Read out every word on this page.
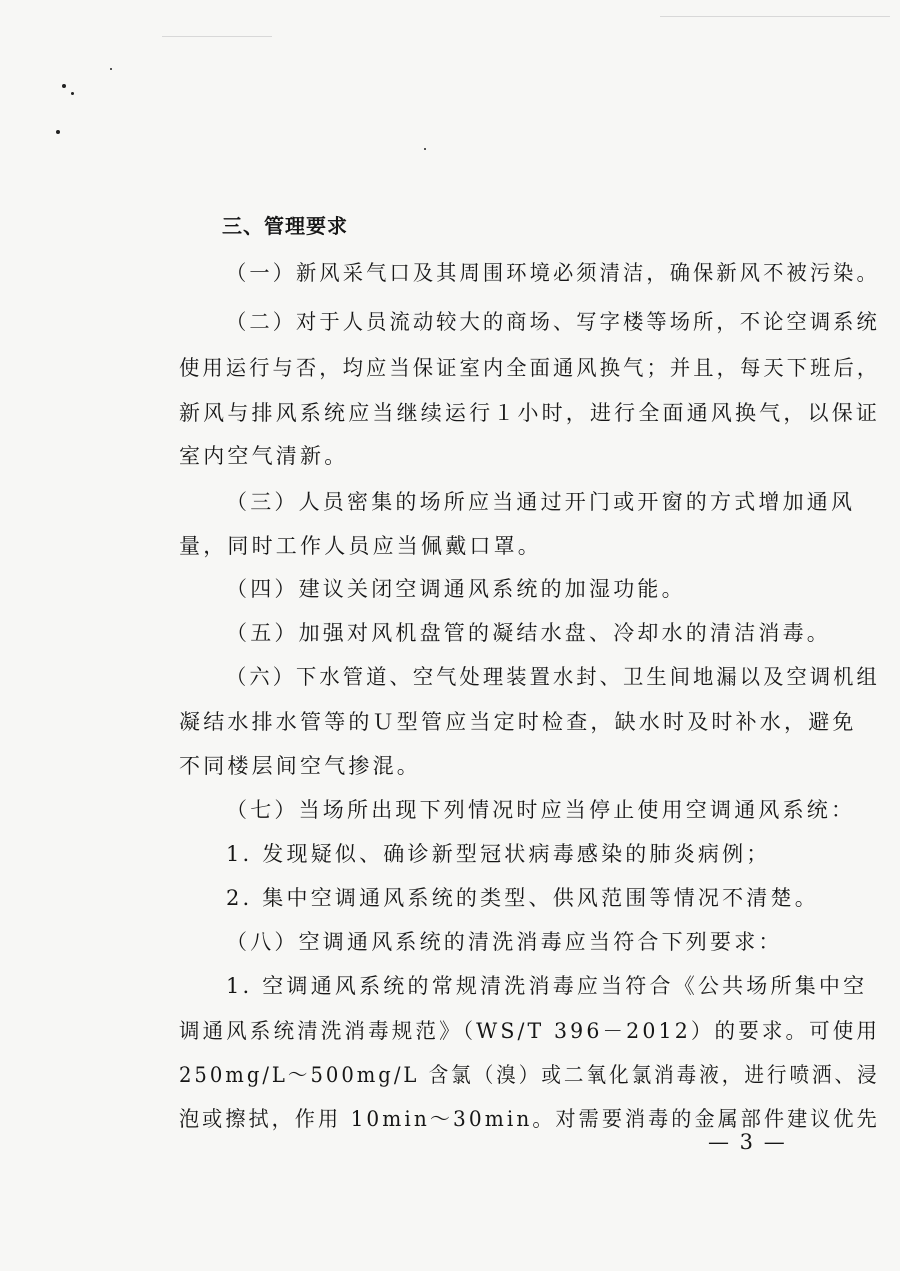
三、管理要求

（一）新风采气口及其周围环境必须清洁，确保新风不被污染。

（二）对于人员流动较大的商场、写字楼等场所，不论空调系统

使用运行与否，均应当保证室内全面通风换气；并且，每天下班后，

新风与排风系统应当继续运行１小时，进行全面通风换气，以保证

室内空气清新。

（三）人员密集的场所应当通过开门或开窗的方式增加通风

量，同时工作人员应当佩戴口罩。

（四）建议关闭空调通风系统的加湿功能。

（五）加强对风机盘管的凝结水盘、冷却水的清洁消毒。

（六）下水管道、空气处理装置水封、卫生间地漏以及空调机组

凝结水排水管等的Ｕ型管应当定时检查，缺水时及时补水，避免

不同楼层间空气掺混。

（七）当场所出现下列情况时应当停止使用空调通风系统：

1. 发现疑似、确诊新型冠状病毒感染的肺炎病例；

2. 集中空调通风系统的类型、供风范围等情况不清楚。

（八）空调通风系统的清洗消毒应当符合下列要求：

1. 空调通风系统的常规清洗消毒应当符合《公共场所集中空

调通风系统清洗消毒规范》（WS/T 396－2012）的要求。可使用

250mg/L～500mg/L 含氯（溴）或二氧化氯消毒液，进行喷洒、浸

泡或擦拭，作用 10min～30min。对需要消毒的金属部件建议优先

— 3 —
